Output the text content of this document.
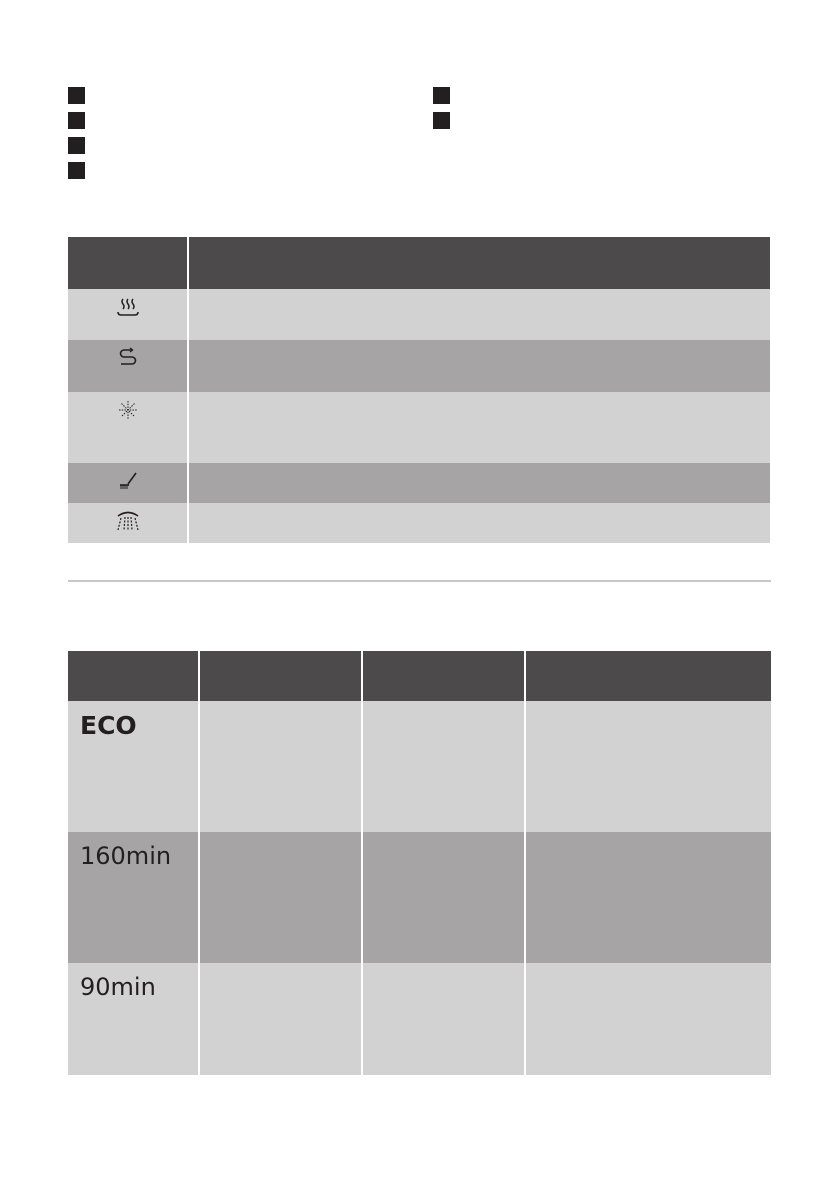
ECO			

160min			

90min			
